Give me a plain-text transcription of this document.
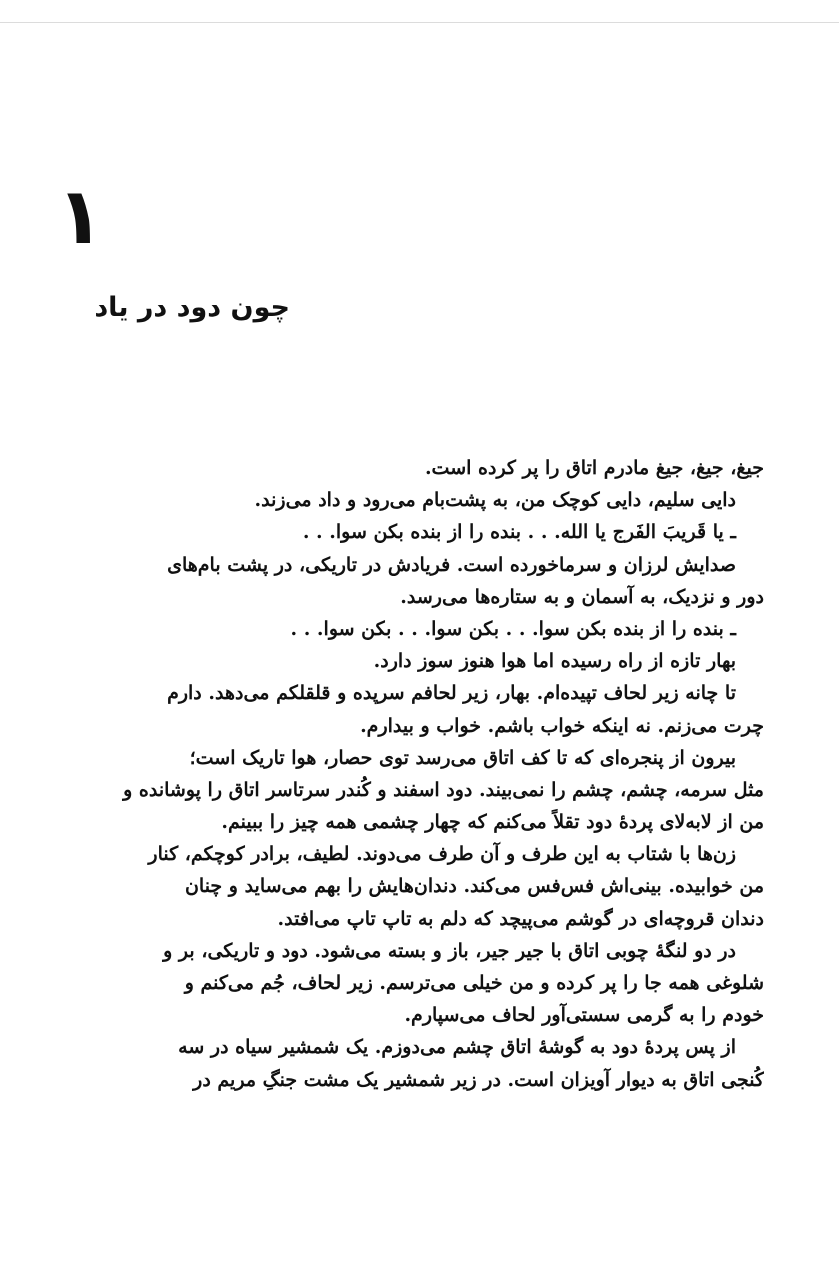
۱
چون دود در یاد
جیغ، جیغ، جیغ مادرم اتاق را پر کرده است.
دایی سلیم، دایی کوچک من، به پشت‌بام می‌رود و داد می‌زند.
ـ یا قَریبَ الفَرج یا الله. . . بنده را از بنده بکن سوا. . .
صدایش لرزان و سرماخورده است. فریادش در تاریکی، در پشت بام‌های
دور و نزدیک، به آسمان و به ستاره‌ها می‌رسد.
ـ بنده را از بنده بکن سوا. . . بکن سوا. . . بکن سوا. . .
بهار تازه از راه رسیده اما هوا هنوز سوز دارد.
تا چانه زیر لحاف تپیده‌ام. بهار، زیر لحافم سرپده و قلقلکم می‌دهد. دارم
چرت می‌زنم. نه اینکه خواب باشم. خواب و بیدارم.
بیرون از پنجره‌ای که تا کف اتاق می‌رسد توی حصار، هوا تاریک است؛
مثل سرمه، چشم، چشم را نمی‌بیند. دود اسفند و کُندر سرتاسر اتاق را پوشانده و
من از لابه‌لای پردهٔ دود تقلاً می‌کنم که چهار چشمی همه چیز را ببینم.
زن‌ها با شتاب به این طرف و آن طرف می‌دوند. لطیف، برادر کوچکم، کنار
من خوابیده. بینی‌اش فس‌فس می‌کند. دندان‌هایش را بهم می‌ساید و چنان
دندان قروچه‌ای در گوشم می‌پیچد که دلم به تاپ تاپ می‌افتد.
در دو لنگهٔ چوبی اتاق با جیر جیر، باز و بسته می‌شود. دود و تاریکی، بر و
شلوغی همه جا را پر کرده و من خیلی می‌ترسم. زیر لحاف، جُم می‌کنم و
خودم را به گرمی سستی‌آور لحاف می‌سپارم.
از پس پردهٔ دود به گوشهٔ اتاق چشم می‌دوزم. یک شمشیر سیاه در سه
کُنجی اتاق به دیوار آویزان است. در زیر شمشیر یک مشت جنگِ مریم در
